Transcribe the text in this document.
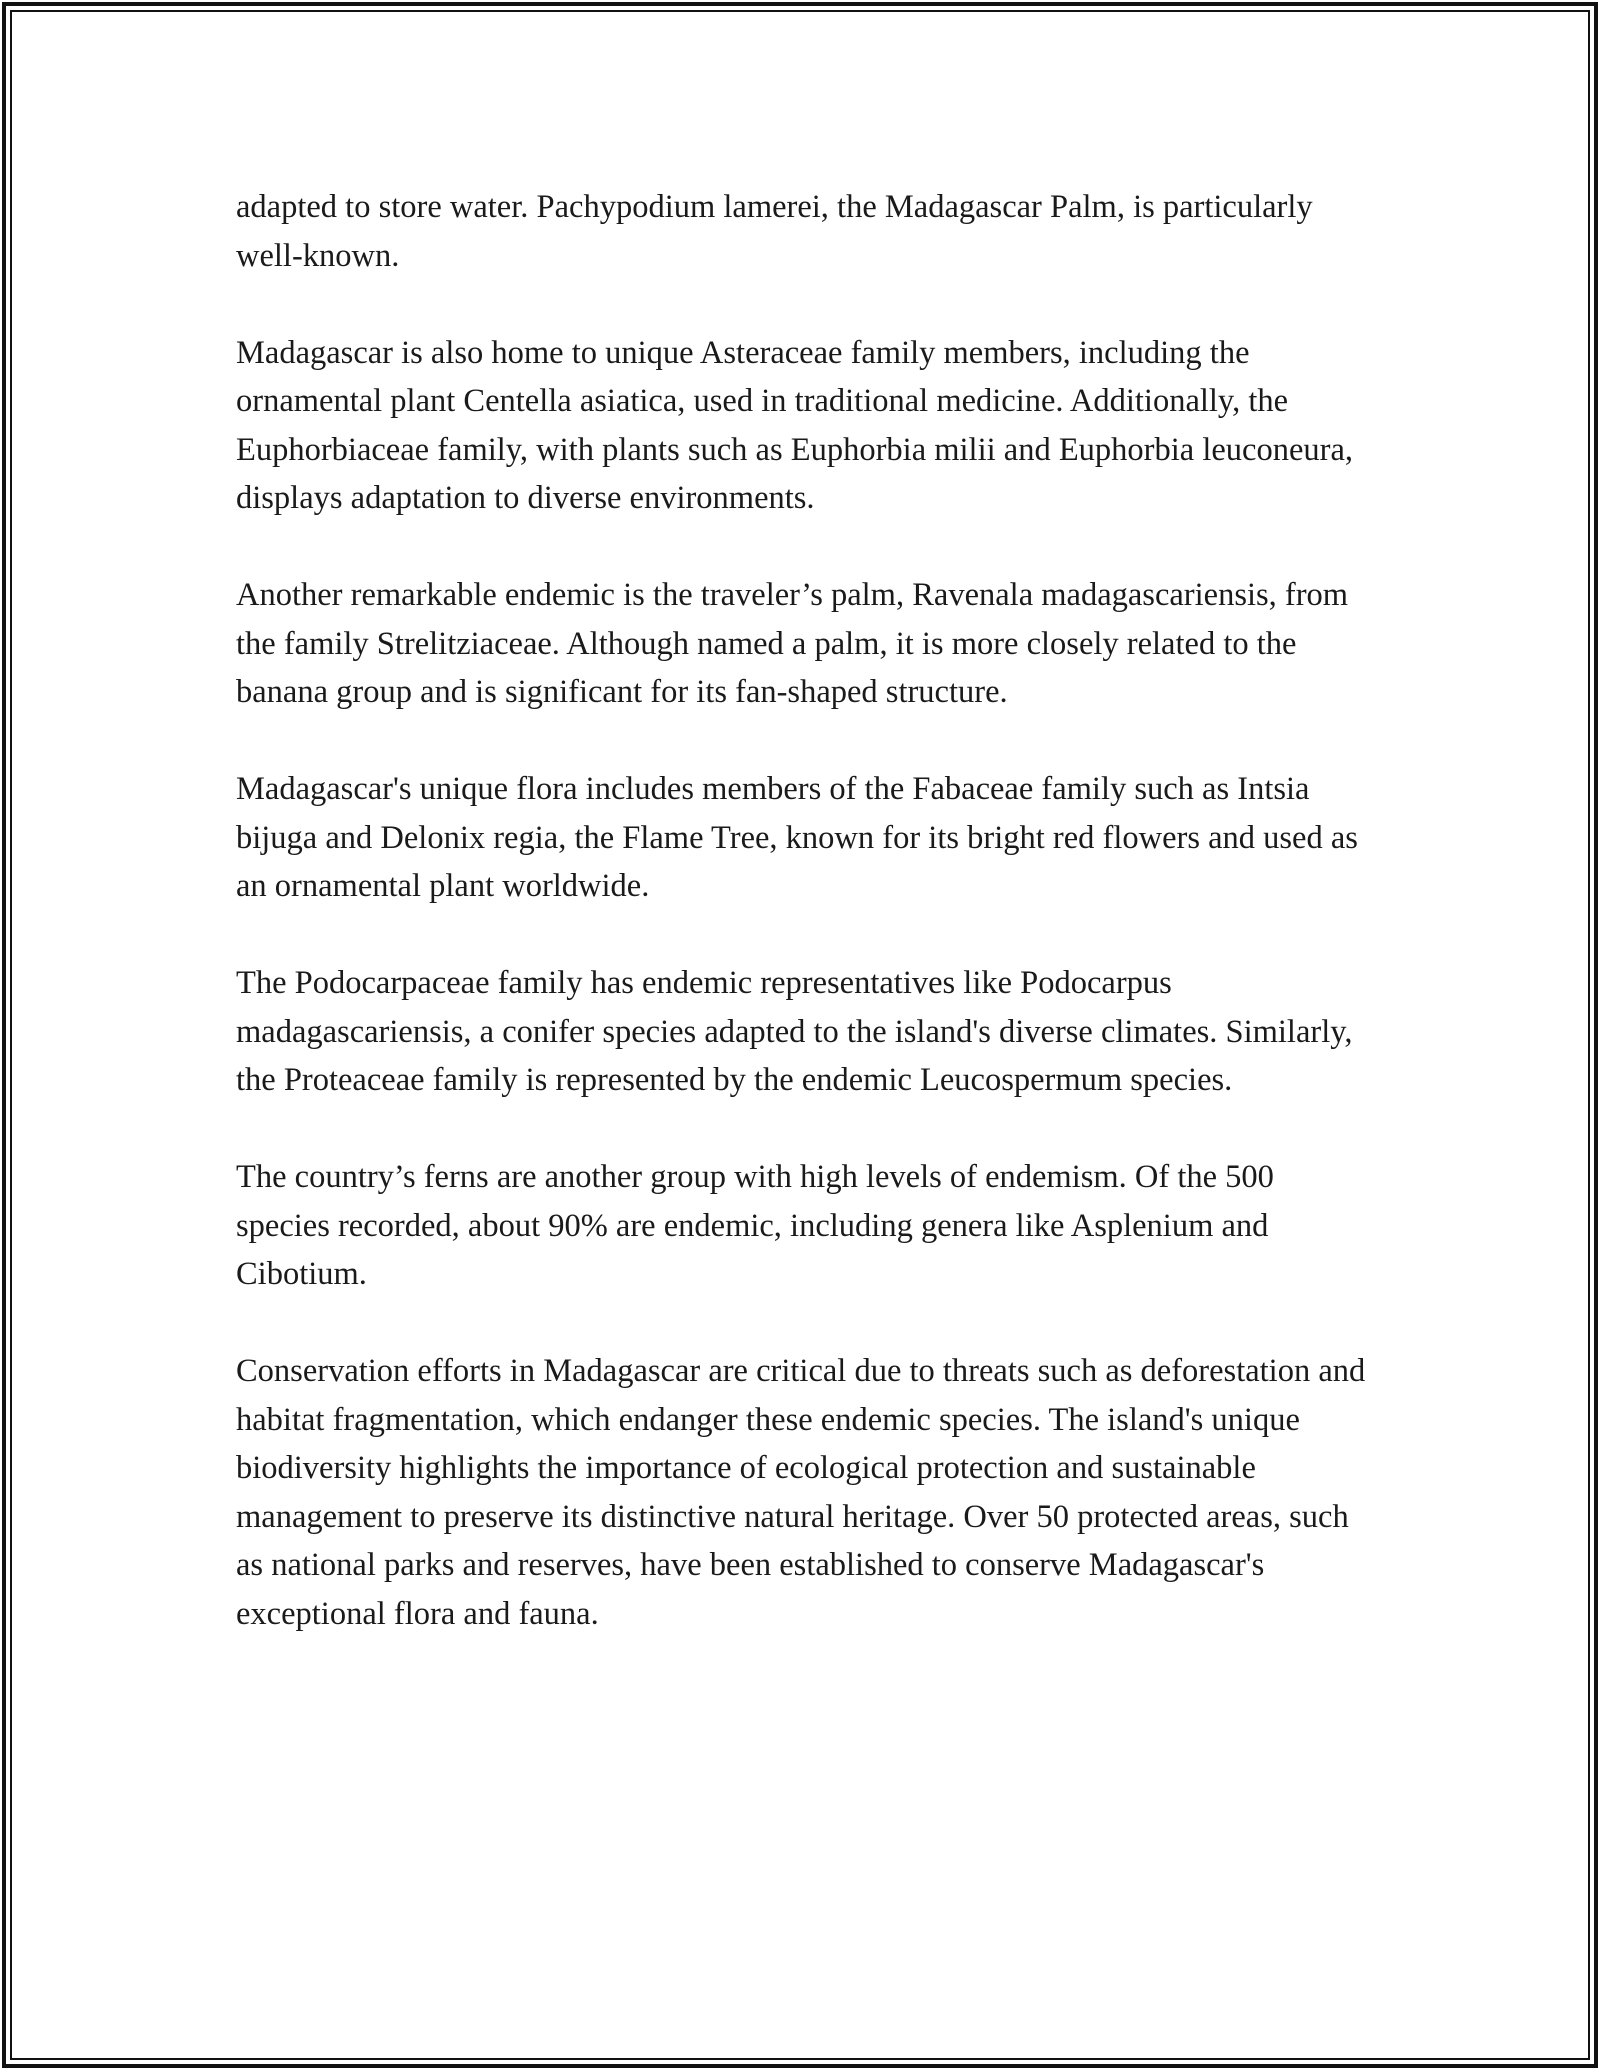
adapted to store water. Pachypodium lamerei, the Madagascar Palm, is particularly well-known.

Madagascar is also home to unique Asteraceae family members, including the ornamental plant Centella asiatica, used in traditional medicine. Additionally, the Euphorbiaceae family, with plants such as Euphorbia milii and Euphorbia leuconeura, displays adaptation to diverse environments.

Another remarkable endemic is the traveler’s palm, Ravenala madagascariensis, from the family Strelitziaceae. Although named a palm, it is more closely related to the banana group and is significant for its fan-shaped structure.

Madagascar's unique flora includes members of the Fabaceae family such as Intsia bijuga and Delonix regia, the Flame Tree, known for its bright red flowers and used as an ornamental plant worldwide.

The Podocarpaceae family has endemic representatives like Podocarpus madagascariensis, a conifer species adapted to the island's diverse climates. Similarly, the Proteaceae family is represented by the endemic Leucospermum species.

The country’s ferns are another group with high levels of endemism. Of the 500 species recorded, about 90% are endemic, including genera like Asplenium and Cibotium.

Conservation efforts in Madagascar are critical due to threats such as deforestation and habitat fragmentation, which endanger these endemic species. The island's unique biodiversity highlights the importance of ecological protection and sustainable management to preserve its distinctive natural heritage. Over 50 protected areas, such as national parks and reserves, have been established to conserve Madagascar's exceptional flora and fauna.
